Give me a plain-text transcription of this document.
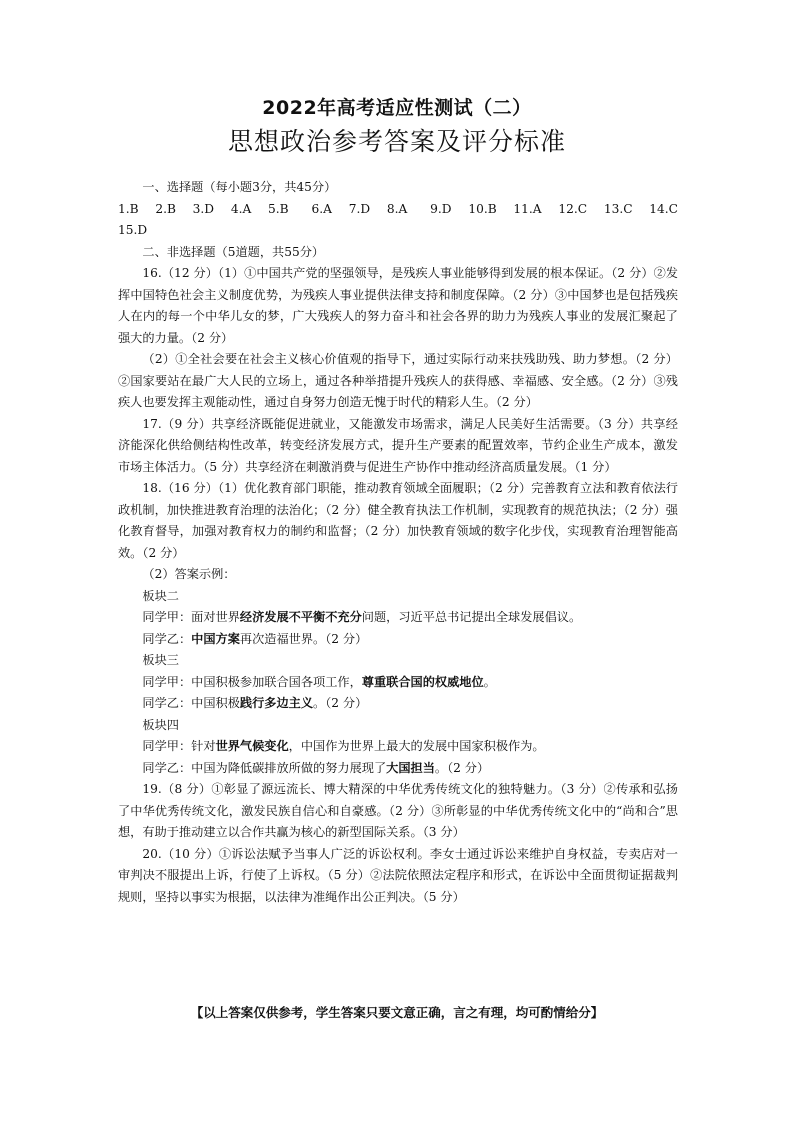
2022年高考适应性测试（二）
思想政治参考答案及评分标准

一、选择题（每小题3分，共45分）

1.B　2.B　3.D　4.A　5.B　 6.A　7.D　8.A　 9.D　10.B　11.A　12.C　13.C　14.C

15.D

二、非选择题（5道题，共55分）

16.（12 分）（1）①中国共产党的坚强领导，是残疾人事业能够得到发展的根本保证。（2 分）②发挥中国特色社会主义制度优势，为残疾人事业提供法律支持和制度保障。（2 分）③中国梦也是包括残疾人在内的每一个中华儿女的梦，广大残疾人的努力奋斗和社会各界的助力为残疾人事业的发展汇聚起了强大的力量。（2 分）

（2）①全社会要在社会主义核心价值观的指导下，通过实际行动来扶残助残、助力梦想。（2 分）②国家要站在最广大人民的立场上，通过各种举措提升残疾人的获得感、幸福感、安全感。（2 分）③残疾人也要发挥主观能动性，通过自身努力创造无愧于时代的精彩人生。（2 分）

17.（9 分）共享经济既能促进就业，又能激发市场需求，满足人民美好生活需要。（3 分）共享经济能深化供给侧结构性改革，转变经济发展方式，提升生产要素的配置效率，节约企业生产成本，激发市场主体活力。（5 分）共享经济在刺激消费与促进生产协作中推动经济高质量发展。（1 分）

18.（16 分）（1）优化教育部门职能，推动教育领域全面履职；（2 分）完善教育立法和教育依法行政机制，加快推进教育治理的法治化；（2 分）健全教育执法工作机制，实现教育的规范执法；（2 分）强化教育督导，加强对教育权力的制约和监督；（2 分）加快教育领域的数字化步伐，实现教育治理智能高效。（2 分）

（2）答案示例：

板块二

同学甲：面对世界经济发展不平衡不充分问题，习近平总书记提出全球发展倡议。

同学乙：中国方案再次造福世界。（2 分）

板块三

同学甲：中国积极参加联合国各项工作，尊重联合国的权威地位。

同学乙：中国积极践行多边主义。（2 分）

板块四

同学甲：针对世界气候变化，中国作为世界上最大的发展中国家积极作为。

同学乙：中国为降低碳排放所做的努力展现了大国担当。（2 分）

19.（8 分）①彰显了源远流长、博大精深的中华优秀传统文化的独特魅力。（3 分）②传承和弘扬了中华优秀传统文化，激发民族自信心和自豪感。（2 分）③所彰显的中华优秀传统文化中的“尚和合”思想，有助于推动建立以合作共赢为核心的新型国际关系。（3 分）

20.（10 分）①诉讼法赋予当事人广泛的诉讼权利。李女士通过诉讼来维护自身权益，专卖店对一审判决不服提出上诉，行使了上诉权。（5 分）②法院依照法定程序和形式，在诉讼中全面贯彻证据裁判规则，坚持以事实为根据，以法律为准绳作出公正判决。（5 分）

【以上答案仅供参考，学生答案只要文意正确，言之有理，均可酌情给分】
